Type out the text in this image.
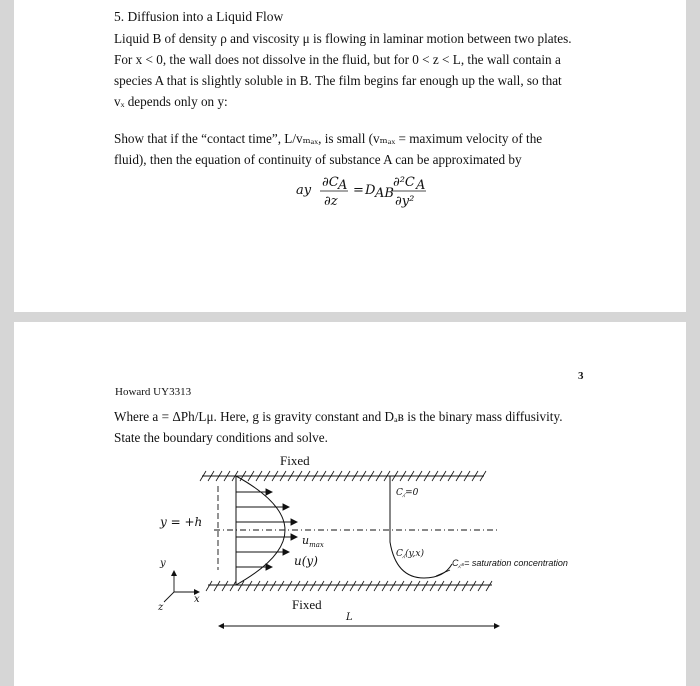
5. Diffusion into a Liquid Flow
Liquid B of density ρ and viscosity μ is flowing in laminar motion between two plates.
For x < 0, the wall does not dissolve in the fluid, but for 0 < z < L, the wall contain a
species A that is slightly soluble in B. The film begins far enough up the wall, so that
vₓ depends only on y:
Show that if the “contact time”, L/vₘₐₓ, is small (vₘₐₓ = maximum velocity of the
fluid), then the equation of continuity of substance A can be approximated by
ay
∂C A
∂z
= D AB
∂²C A
∂y²
3
Howard UY3313
Where a = ΔPh/Lμ. Here, g is gravity constant and Dₐʙ is the binary mass diffusivity.
State the boundary conditions and solve.
Fixed
Fixed
y = +h
$u_{max}$
u(y)
C⁁=0
C⁁(y,x)
C⁁ₛ= saturation concentration
y
x
z
L
